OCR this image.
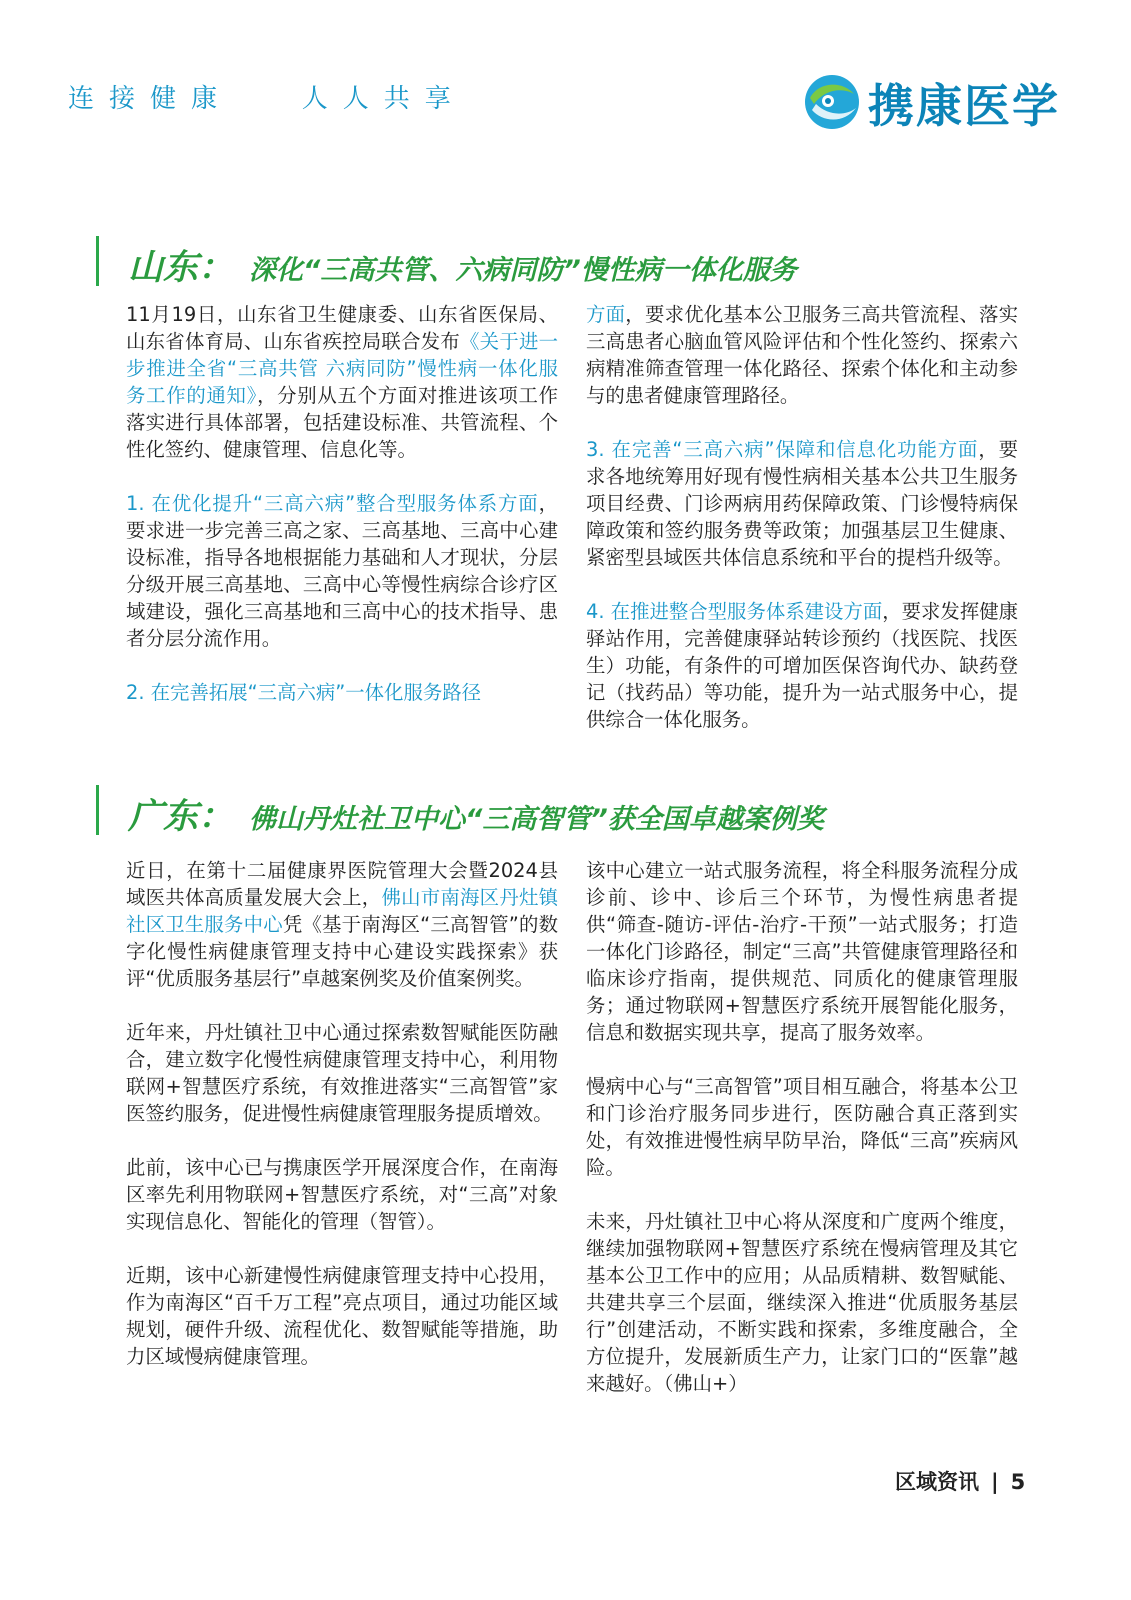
连接健康   人人共享	携康医学
山东： 深化“三高共管、六病同防”慢性病一体化服务

11月19日，山东省卫生健康委、山东省医保局、山东省体育局、山东省疾控局联合发布《关于进一步推进全省“三高共管 六病同防”慢性病一体化服务工作的通知》，分别从五个方面对推进该项工作落实进行具体部署，包括建设标准、共管流程、个性化签约、健康管理、信息化等。

1. 在优化提升“三高六病”整合型服务体系方面，要求进一步完善三高之家、三高基地、三高中心建设标准，指导各地根据能力基础和人才现状，分层分级开展三高基地、三高中心等慢性病综合诊疗区域建设，强化三高基地和三高中心的技术指导、患者分层分流作用。

2. 在完善拓展“三高六病”一体化服务路径

方面，要求优化基本公卫服务三高共管流程、落实三高患者心脑血管风险评估和个性化签约、探索六病精准筛查管理一体化路径、探索个体化和主动参与的患者健康管理路径。

3. 在完善“三高六病”保障和信息化功能方面，要求各地统筹用好现有慢性病相关基本公共卫生服务项目经费、门诊两病用药保障政策、门诊慢特病保障政策和签约服务费等政策；加强基层卫生健康、紧密型县域医共体信息系统和平台的提档升级等。

4. 在推进整合型服务体系建设方面，要求发挥健康驿站作用，完善健康驿站转诊预约（找医院、找医生）功能，有条件的可增加医保咨询代办、缺药登记（找药品）等功能，提升为一站式服务中心，提供综合一体化服务。

广东： 佛山丹灶社卫中心“三高智管”获全国卓越案例奖

近日，在第十二届健康界医院管理大会暨2024县域医共体高质量发展大会上，佛山市南海区丹灶镇社区卫生服务中心凭《基于南海区“三高智管”的数字化慢性病健康管理支持中心建设实践探索》获评“优质服务基层行”卓越案例奖及价值案例奖。

近年来，丹灶镇社卫中心通过探索数智赋能医防融合，建立数字化慢性病健康管理支持中心，利用物联网+智慧医疗系统，有效推进落实“三高智管”家医签约服务，促进慢性病健康管理服务提质增效。

此前，该中心已与携康医学开展深度合作，在南海区率先利用物联网+智慧医疗系统，对“三高”对象实现信息化、智能化的管理（智管）。

近期，该中心新建慢性病健康管理支持中心投用，作为南海区“百千万工程”亮点项目，通过功能区域规划，硬件升级、流程优化、数智赋能等措施，助力区域慢病健康管理。

该中心建立一站式服务流程，将全科服务流程分成诊前、诊中、诊后三个环节，为慢性病患者提供“筛查-随访-评估-治疗-干预”一站式服务；打造一体化门诊路径，制定“三高”共管健康管理路径和临床诊疗指南，提供规范、同质化的健康管理服务；通过物联网+智慧医疗系统开展智能化服务，信息和数据实现共享，提高了服务效率。

慢病中心与“三高智管”项目相互融合，将基本公卫和门诊治疗服务同步进行，医防融合真正落到实处，有效推进慢性病早防早治，降低“三高”疾病风险。

未来，丹灶镇社卫中心将从深度和广度两个维度，继续加强物联网+智慧医疗系统在慢病管理及其它基本公卫工作中的应用；从品质精耕、数智赋能、共建共享三个层面，继续深入推进“优质服务基层行”创建活动，不断实践和探索，多维度融合，全方位提升，发展新质生产力，让家门口的“医靠”越来越好。（佛山+）

区域资讯 | 5
